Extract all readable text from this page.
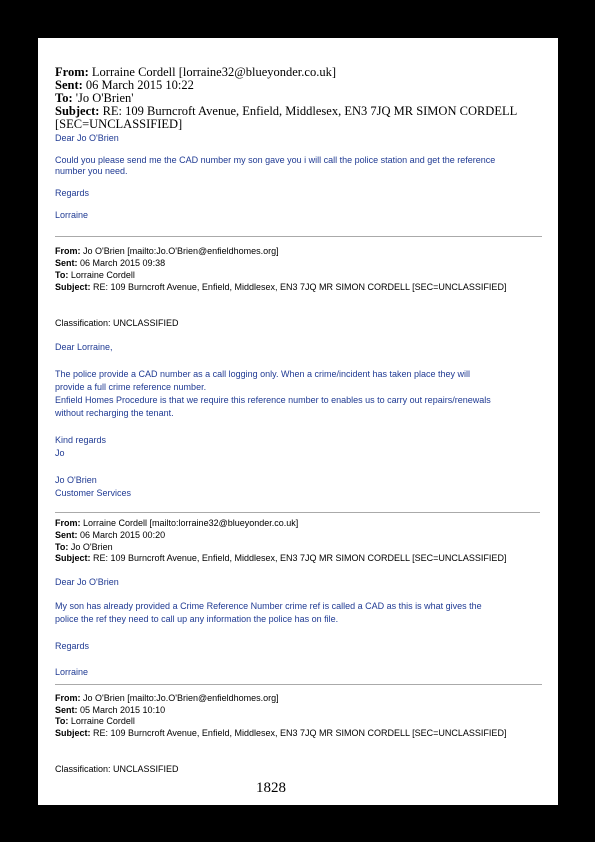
From: Lorraine Cordell [lorraine32@blueyonder.co.uk]
Sent: 06 March 2015 10:22
To: 'Jo O'Brien'
Subject: RE: 109 Burncroft Avenue, Enfield, Middlesex, EN3 7JQ MR SIMON CORDELL
[SEC=UNCLASSIFIED]
Dear Jo O'Brien
Could you please send me the CAD number my son gave you i will call the police station and get the reference
number you need.
Regards
Lorraine
From: Jo O'Brien [mailto:Jo.O'Brien@enfieldhomes.org]
Sent: 06 March 2015 09:38
To: Lorraine Cordell
Subject: RE: 109 Burncroft Avenue, Enfield, Middlesex, EN3 7JQ MR SIMON CORDELL [SEC=UNCLASSIFIED]
Classification: UNCLASSIFIED
Dear Lorraine,
The police provide a CAD number as a call logging only. When a crime/incident has taken place they will
provide a full crime reference number.
Enfield Homes Procedure is that we require this reference number to enables us to carry out repairs/renewals
without recharging the tenant.
Kind regards
Jo
Jo O'Brien
Customer Services
From: Lorraine Cordell [mailto:lorraine32@blueyonder.co.uk]
Sent: 06 March 2015 00:20
To: Jo O'Brien
Subject: RE: 109 Burncroft Avenue, Enfield, Middlesex, EN3 7JQ MR SIMON CORDELL [SEC=UNCLASSIFIED]
Dear Jo O'Brien
My son has already provided a Crime Reference Number crime ref is called a CAD as this is what gives the
police the ref they need to call up any information the police has on file.
Regards
Lorraine
From: Jo O'Brien [mailto:Jo.O'Brien@enfieldhomes.org]
Sent: 05 March 2015 10:10
To: Lorraine Cordell
Subject: RE: 109 Burncroft Avenue, Enfield, Middlesex, EN3 7JQ MR SIMON CORDELL [SEC=UNCLASSIFIED]
Classification: UNCLASSIFIED
1828
